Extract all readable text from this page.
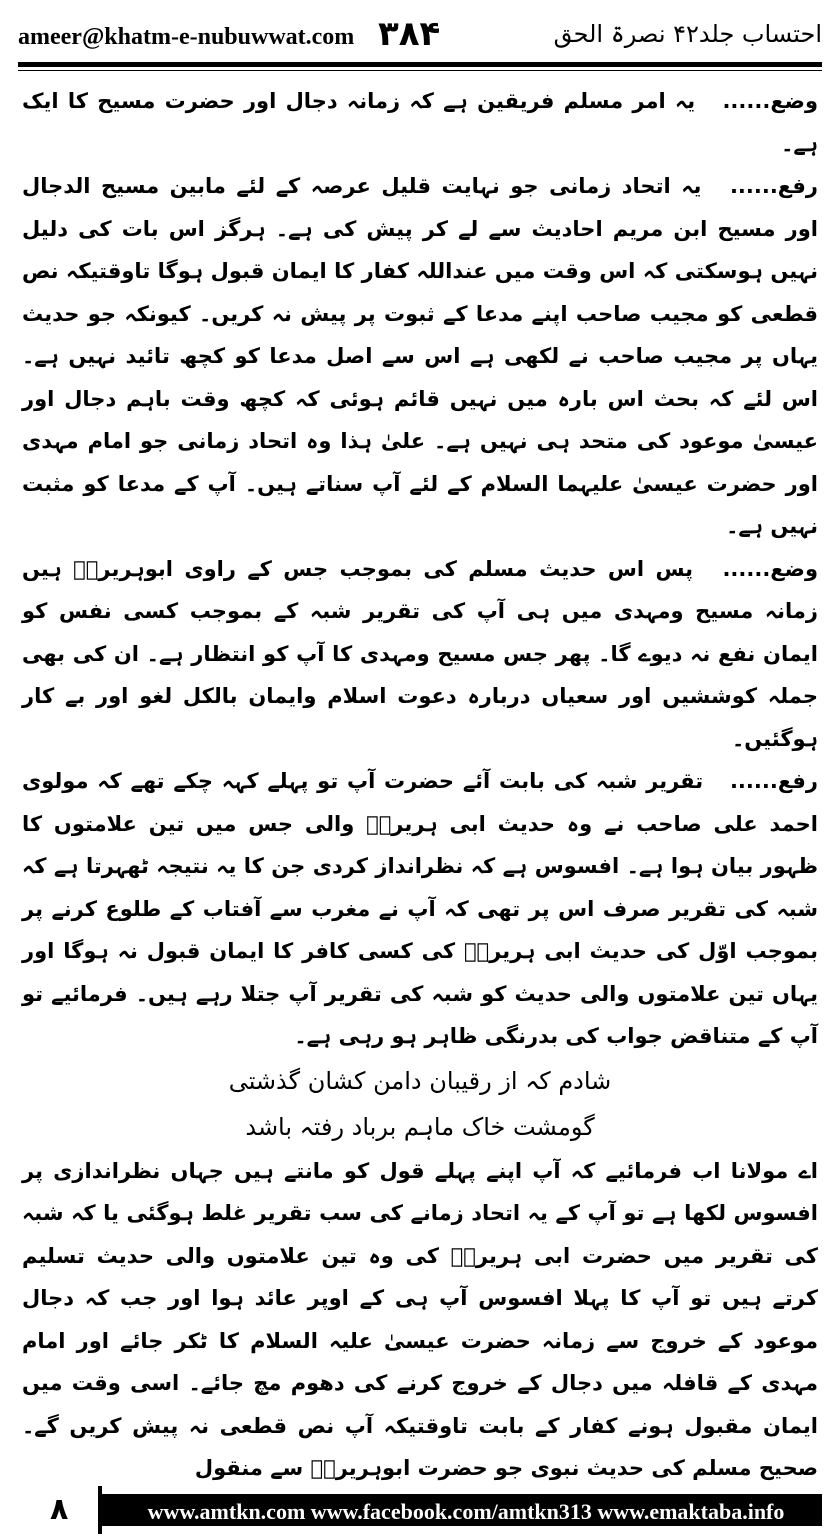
ameer@khatm-e-nubuwwat.com ۳۸۴	احتساب جلد۴۲ نصرۃ الحق

وضع...... یہ امر مسلم فریقین ہے کہ زمانہ دجال اور حضرت مسیح کا ایک ہے۔

رفع...... یہ اتحاد زمانی جو نہایت قلیل عرصہ کے لئے مابین مسیح الدجال اور مسیح ابن مریم احادیث سے لے کر پیش کی ہے۔ ہرگز اس بات کی دلیل نہیں ہوسکتی کہ اس وقت میں عنداللہ کفار کا ایمان قبول ہوگا تاوقتیکہ نص قطعی کو مجیب صاحب اپنے مدعا کے ثبوت پر پیش نہ کریں۔ کیونکہ جو حدیث یہاں پر مجیب صاحب نے لکھی ہے اس سے اصل مدعا کو کچھ تائید نہیں ہے۔ اس لئے کہ بحث اس بارہ میں نہیں قائم ہوئی کہ کچھ وقت باہم دجال اور عیسیٰ موعود کی متحد ہی نہیں ہے۔ علیٰ ہذا وہ اتحاد زمانی جو امام مہدی اور حضرت عیسیٰ علیہما السلام کے لئے آپ سناتے ہیں۔ آپ کے مدعا کو مثبت نہیں ہے۔

وضع...... پس اس حدیث مسلم کی بموجب جس کے راوی ابوہریرہؓ ہیں زمانہ مسیح ومہدی میں ہی آپ کی تقریر شبہ کے بموجب کسی نفس کو ایمان نفع نہ دیوے گا۔ پھر جس مسیح ومہدی کا آپ کو انتظار ہے۔ ان کی بھی جملہ کوششیں اور سعیاں دربارہ دعوت اسلام وایمان بالکل لغو اور بے کار ہوگئیں۔

رفع...... تقریر شبہ کی بابت آئے حضرت آپ تو پہلے کہہ چکے تھے کہ مولوی احمد علی صاحب نے وہ حدیث ابی ہریرہؓ والی جس میں تین علامتوں کا ظہور بیان ہوا ہے۔ افسوس ہے کہ نظرانداز کردی جن کا یہ نتیجہ ٹھہرتا ہے کہ شبہ کی تقریر صرف اس پر تھی کہ آپ نے مغرب سے آفتاب کے طلوع کرنے پر بموجب اوّل کی حدیث ابی ہریرہؓ کی کسی کافر کا ایمان قبول نہ ہوگا اور یہاں تین علامتوں والی حدیث کو شبہ کی تقریر آپ جتلا رہے ہیں۔ فرمائیے تو آپ کے متناقض جواب کی بدرنگی ظاہر ہو رہی ہے۔

شادم کہ از رقیبان دامن کشان گذشتی

گومشت خاک ماہم برباد رفتہ باشد

اے مولانا اب فرمائیے کہ آپ اپنے پہلے قول کو مانتے ہیں جہاں نظراندازی پر افسوس لکھا ہے تو آپ کے یہ اتحاد زمانے کی سب تقریر غلط ہوگئی یا کہ شبہ کی تقریر میں حضرت ابی ہریرہؓ کی وہ تین علامتوں والی حدیث تسلیم کرتے ہیں تو آپ کا پہلا افسوس آپ ہی کے اوپر عائد ہوا اور جب کہ دجال موعود کے خروج سے زمانہ حضرت عیسیٰ علیہ السلام کا ٹکر جائے اور امام مہدی کے قافلہ میں دجال کے خروج کرنے کی دھوم مچ جائے۔ اسی وقت میں ایمان مقبول ہونے کفار کے بابت تاوقتیکہ آپ نص قطعی نہ پیش کریں گے۔ صحیح مسلم کی حدیث نبوی جو حضرت ابوہریرہؓ سے منقول

www.amtkn.com www.facebook.com/amtkn313 www.emaktaba.info
۸
